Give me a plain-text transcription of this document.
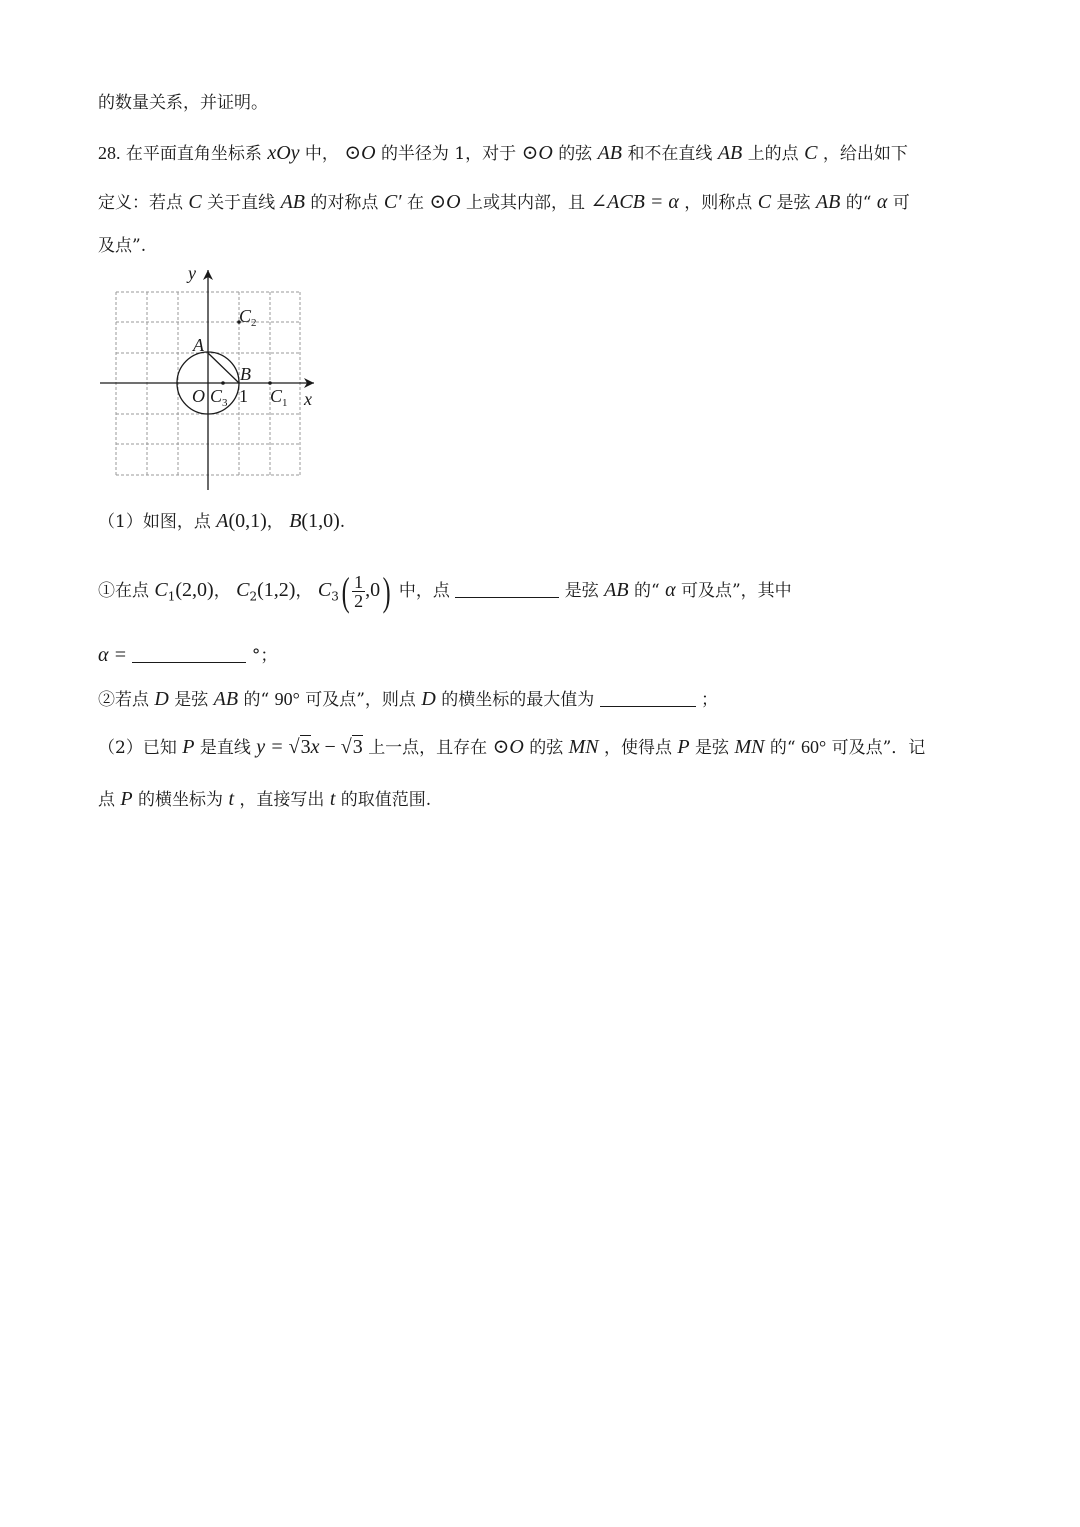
的数量关系，并证明。
28. 在平面直角坐标系 xOy 中， ⊙O 的半径为 1，对于 ⊙O 的弦 AB 和不在直线 AB 上的点 C ，给出如下
定义：若点 C 关于直线 AB 的对称点 C′ 在 ⊙O 上或其内部，且 ∠ACB = α ，则称点 C 是弦 AB 的“ α 可
及点”.
y
x
O
A
B
$C_2$
$C_1$
$C_3$ 1
（1）如图，点 A(0,1)， B(1,0).
①在点 $C_1(2,0)$， $C_2(1,2)$， $C_3( \frac{1}{2} ,0)$ 中，点	是弦 AB 的“ α 可及点”，其中
α =	°；
②若点 D 是弦 AB 的“ 90° 可及点”，则点 D 的横坐标的最大值为	；
（2）已知 P 是直线 y = √3x − √3 上一点，且存在 ⊙O 的弦 MN ，使得点 P 是弦 MN 的“ 60° 可及点”．记
点 P 的横坐标为 t ，直接写出 t 的取值范围.
